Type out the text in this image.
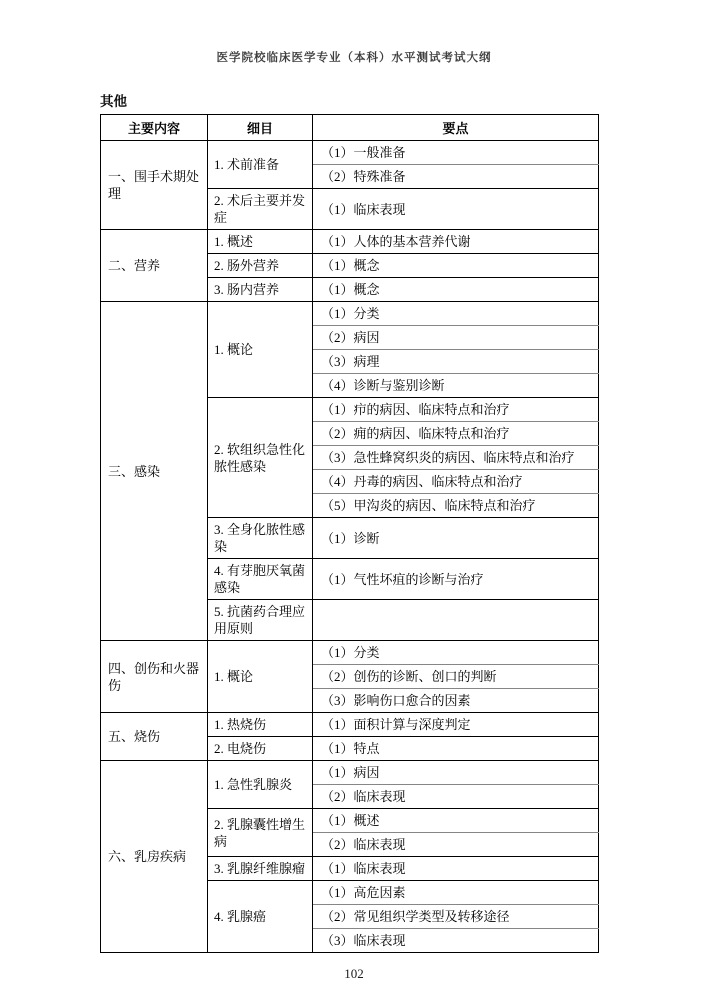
医学院校临床医学专业（本科）水平测试考试大纲
其他
主要内容	细目	要点
一、围手术期处理	1. 术前准备	（1）一般准备
		（2）特殊准备
	2. 术后主要并发症	（1）临床表现
二、营养	1. 概述	（1）人体的基本营养代谢
	2. 肠外营养	（1）概念
	3. 肠内营养	（1）概念
三、感染	1. 概论	（1）分类
		（2）病因
		（3）病理
		（4）诊断与鉴别诊断
	2. 软组织急性化脓性感染	（1）疖的病因、临床特点和治疗
		（2）痈的病因、临床特点和治疗
		（3）急性蜂窝织炎的病因、临床特点和治疗
		（4）丹毒的病因、临床特点和治疗
		（5）甲沟炎的病因、临床特点和治疗
	3. 全身化脓性感染	（1）诊断
	4. 有芽胞厌氧菌感染	（1）气性坏疽的诊断与治疗
	5. 抗菌药合理应用原则	
四、创伤和火器伤	1. 概论	（1）分类
		（2）创伤的诊断、创口的判断
		（3）影响伤口愈合的因素
五、烧伤	1. 热烧伤	（1）面积计算与深度判定
	2. 电烧伤	（1）特点
六、乳房疾病	1. 急性乳腺炎	（1）病因
		（2）临床表现
	2. 乳腺囊性增生病	（1）概述
		（2）临床表现
	3. 乳腺纤维腺瘤	（1）临床表现
	4. 乳腺癌	（1）高危因素
		（2）常见组织学类型及转移途径
		（3）临床表现
102
